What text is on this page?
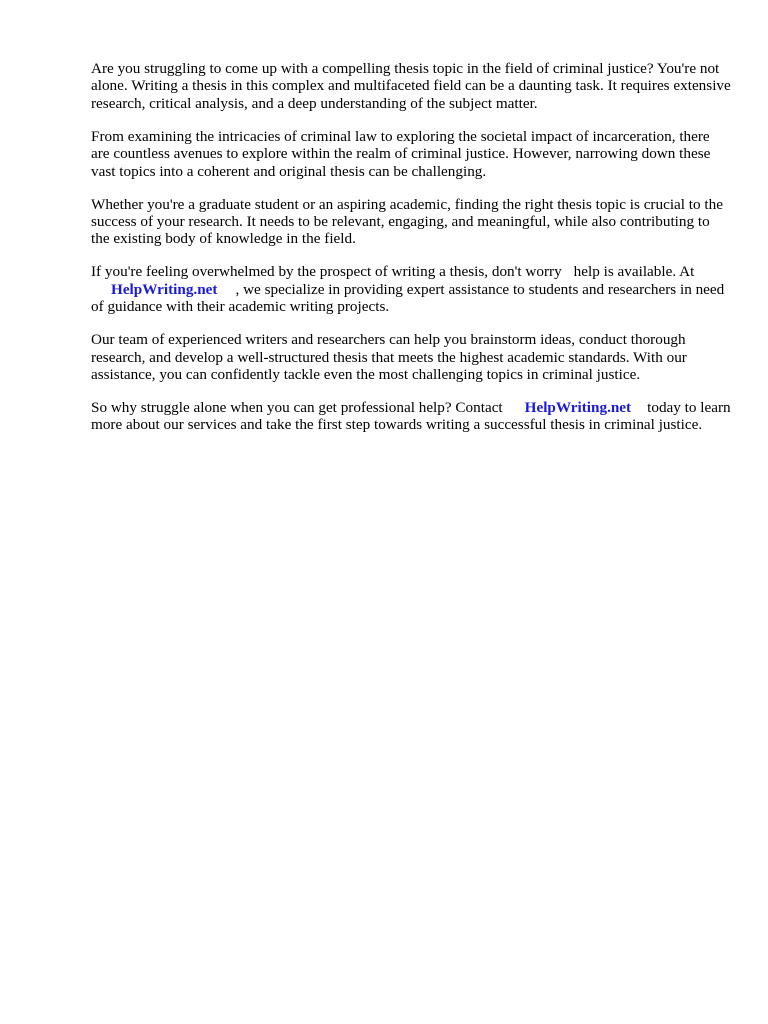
Are you struggling to come up with a compelling thesis topic in the field of criminal justice? You're not alone. Writing a thesis in this complex and multifaceted field can be a daunting task. It requires extensive research, critical analysis, and a deep understanding of the subject matter.

From examining the intricacies of criminal law to exploring the societal impact of incarceration, there are countless avenues to explore within the realm of criminal justice. However, narrowing down these vast topics into a coherent and original thesis can be challenging.

Whether you're a graduate student or an aspiring academic, finding the right thesis topic is crucial to the success of your research. It needs to be relevant, engaging, and meaningful, while also contributing to the existing body of knowledge in the field.

If you're feeling overwhelmed by the prospect of writing a thesis, don't worry help is available. At
HelpWriting.net , we specialize in providing expert assistance to students and researchers in need of guidance with their academic writing projects.

Our team of experienced writers and researchers can help you brainstorm ideas, conduct thorough research, and develop a well-structured thesis that meets the highest academic standards. With our assistance, you can confidently tackle even the most challenging topics in criminal justice.

So why struggle alone when you can get professional help? Contact HelpWriting.net today to learn more about our services and take the first step towards writing a successful thesis in criminal justice.
